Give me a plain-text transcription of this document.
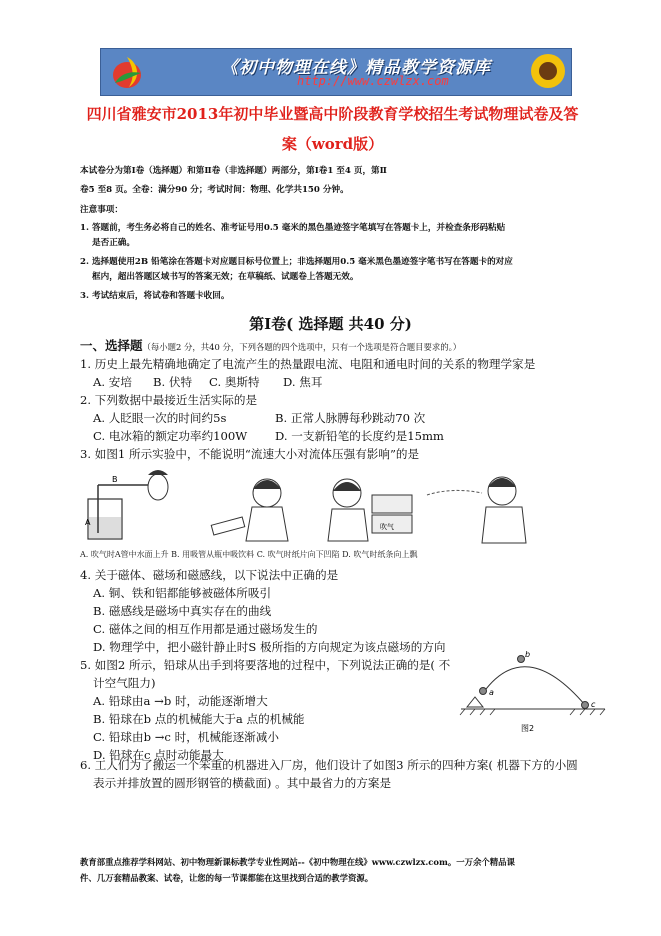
《初中物理在线》精品教学资源库
http://www.czwlzx.com
四川省雅安市2013年初中毕业暨高中阶段教育学校招生考试物理试卷及答
案（word版）
本试卷分为第Ⅰ卷（选择题）和第Ⅱ卷（非选择题）两部分，第Ⅰ卷1 至4 页，第Ⅱ
卷5 至8 页。全卷：满分90 分；考试时间：物理、化学共150 分钟。
注意事项：
1. 答题前，考生务必将自己的姓名、准考证号用0.5 毫米的黑色墨迹签字笔填写在答题卡上，并检查条形码粘贴
是否正确。
2. 选择题使用2B 铅笔涂在答题卡对应题目标号位置上；非选择题用0.5 毫米黑色墨迹签字笔书写在答题卡的对应
框内，超出答题区域书写的答案无效；在草稿纸、试题卷上答题无效。
3. 考试结束后，将试卷和答题卡收回。
第Ⅰ卷( 选择题 共40 分)
一、选择题（每小题2 分，共40 分，下列各题的四个选项中，只有一个选项是符合题目要求的。）
1. 历史上最先精确地确定了电流产生的热量跟电流、电阻和通电时间的关系的物理学家是
A. 安培 B. 伏特 C. 奥斯特 D. 焦耳
2. 下列数据中最接近生活实际的是
A. 人眨眼一次的时间约5s	B. 正常人脉膊每秒跳动70 次
C. 电冰箱的额定功率约100W D. 一支新铅笔的长度约是15mm
3. 如图1 所示实验中，不能说明“流速大小对流体压强有影响”的是
B
A	吹气
A. 吹气时A管中水面上升 B. 用吸管从瓶中吸饮料 C. 吹气时纸片向下凹陷 D. 吹气时纸条向上飘
4. 关于磁体、磁场和磁感线，以下说法中正确的是
A. 铜、铁和铝都能够被磁体所吸引
B. 磁感线是磁场中真实存在的曲线
C. 磁体之间的相互作用都是通过磁场发生的
D. 物理学中，把小磁针静止时S 极所指的方向规定为该点磁场的方向
5. 如图2 所示，铅球从出手到将要落地的过程中，下列说法正确的是( 不
计空气阻力)
A. 铅球由a →b 时，动能逐渐增大
B. 铅球在b 点的机械能大于a 点的机械能
C. 铅球由b →c 时，机械能逐渐减小
D. 铅球在c 点时动能最大
a
b
c
图2
6. 工人们为了搬运一个笨重的机器进入厂房，他们设计了如图3 所示的四种方案( 机器下方的小圆
表示并排放置的圆形钢管的横截面) 。其中最省力的方案是
教育部重点推荐学科网站、初中物理新课标教学专业性网站--《初中物理在线》www.czwlzx.com。一万余个精品课
件、几万套精品教案、试卷，让您的每一节课都能在这里找到合适的教学资源。
